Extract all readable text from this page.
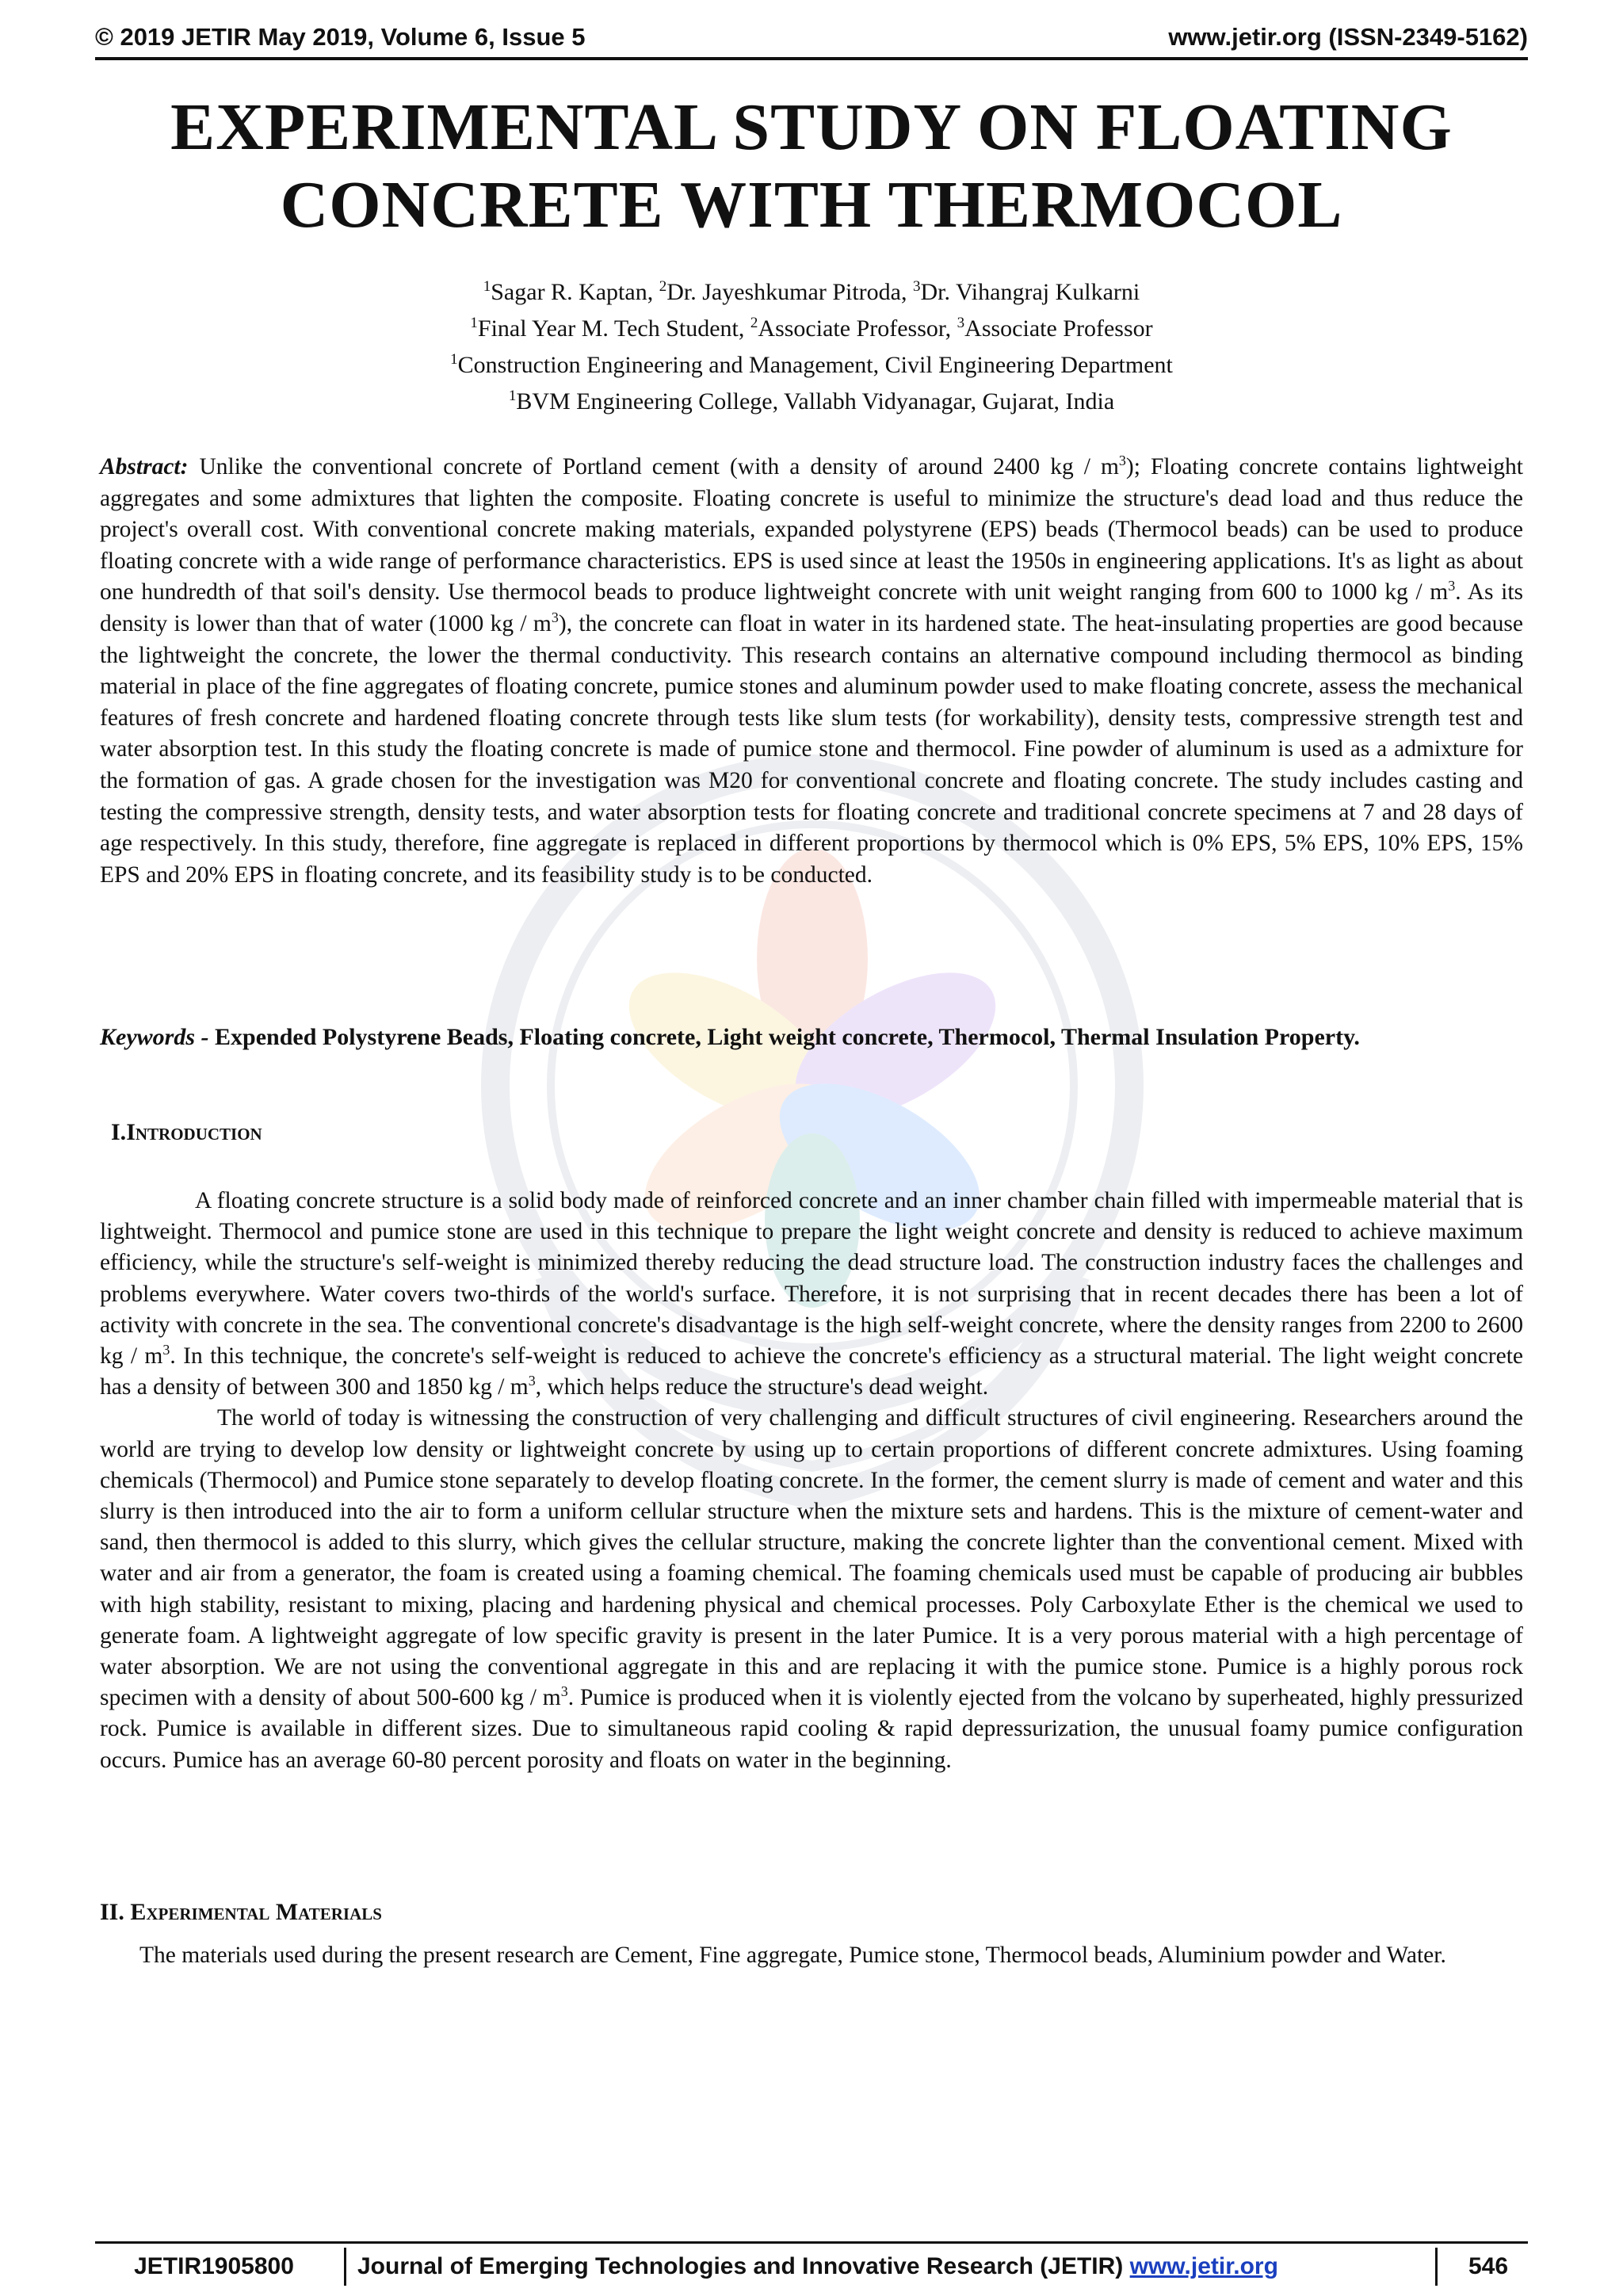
© 2019 JETIR May 2019, Volume 6, Issue 5	www.jetir.org (ISSN-2349-5162)
EXPERIMENTAL STUDY ON FLOATING
CONCRETE WITH THERMOCOL
$^1$Sagar R. Kaptan, $^2$Dr. Jayeshkumar Pitroda, $^3$Dr. Vihangraj Kulkarni
$^1$Final Year M. Tech Student, $^2$Associate Professor, $^3$Associate Professor
$^1$Construction Engineering and Management, Civil Engineering Department
$^1$BVM Engineering College, Vallabh Vidyanagar, Gujarat, India

Abstract: Unlike the conventional concrete of Portland cement (with a density of around 2400 kg / $m^3$); Floating concrete contains lightweight aggregates and some admixtures that lighten the composite. Floating concrete is useful to minimize the structure's dead load and thus reduce the project's overall cost. With conventional concrete making materials, expanded polystyrene (EPS) beads (Thermocol beads) can be used to produce floating concrete with a wide range of performance characteristics. EPS is used since at least the 1950s in engineering applications. It's as light as about one hundredth of that soil's density. Use thermocol beads to produce lightweight concrete with unit weight ranging from 600 to 1000 kg / $m^3$. As its density is lower than that of water (1000 kg / $m^3$), the concrete can float in water in its hardened state. The heat-insulating properties are good because the lightweight the concrete, the lower the thermal conductivity. This research contains an alternative compound including thermocol as binding material in place of the fine aggregates of floating concrete, pumice stones and aluminum powder used to make floating concrete, assess the mechanical features of fresh concrete and hardened floating concrete through tests like slum tests (for workability), density tests, compressive strength test and water absorption test. In this study the floating concrete is made of pumice stone and thermocol. Fine powder of aluminum is used as a admixture for the formation of gas. A grade chosen for the investigation was M20 for conventional concrete and floating concrete. The study includes casting and testing the compressive strength, density tests, and water absorption tests for floating concrete and traditional concrete specimens at 7 and 28 days of age respectively. In this study, therefore, fine aggregate is replaced in different proportions by thermocol which is 0% EPS, 5% EPS, 10% EPS, 15% EPS and 20% EPS in floating concrete, and its feasibility study is to be conducted.

Keywords - Expended Polystyrene Beads, Floating concrete, Light weight concrete, Thermocol, Thermal Insulation Property.

I.Introduction

A floating concrete structure is a solid body made of reinforced concrete and an inner chamber chain filled with impermeable material that is lightweight. Thermocol and pumice stone are used in this technique to prepare the light weight concrete and density is reduced to achieve maximum efficiency, while the structure's self-weight is minimized thereby reducing the dead structure load. The construction industry faces the challenges and problems everywhere. Water covers two-thirds of the world's surface. Therefore, it is not surprising that in recent decades there has been a lot of activity with concrete in the sea. The conventional concrete's disadvantage is the high self-weight concrete, where the density ranges from 2200 to 2600 kg / $m^3$. In this technique, the concrete's self-weight is reduced to achieve the concrete's efficiency as a structural material. The light weight concrete has a density of between 300 and 1850 kg / $m^3$, which helps reduce the structure's dead weight.

The world of today is witnessing the construction of very challenging and difficult structures of civil engineering. Researchers around the world are trying to develop low density or lightweight concrete by using up to certain proportions of different concrete admixtures. Using foaming chemicals (Thermocol) and Pumice stone separately to develop floating concrete. In the former, the cement slurry is made of cement and water and this slurry is then introduced into the air to form a uniform cellular structure when the mixture sets and hardens. This is the mixture of cement-water and sand, then thermocol is added to this slurry, which gives the cellular structure, making the concrete lighter than the conventional cement. Mixed with water and air from a generator, the foam is created using a foaming chemical. The foaming chemicals used must be capable of producing air bubbles with high stability, resistant to mixing, placing and hardening physical and chemical processes. Poly Carboxylate Ether is the chemical we used to generate foam. A lightweight aggregate of low specific gravity is present in the later Pumice. It is a very porous material with a high percentage of water absorption. We are not using the conventional aggregate in this and are replacing it with the pumice stone. Pumice is a highly porous rock specimen with a density of about 500-600 kg / $m^3$. Pumice is produced when it is violently ejected from the volcano by superheated, highly pressurized rock. Pumice is available in different sizes. Due to simultaneous rapid cooling & rapid depressurization, the unusual foamy pumice configuration occurs. Pumice has an average 60-80 percent porosity and floats on water in the beginning.

II. Experimental Materials

The materials used during the present research are Cement, Fine aggregate, Pumice stone, Thermocol beads, Aluminium powder and Water.

JETIR1905800	Journal of Emerging Technologies and Innovative Research (JETIR) www.jetir.org	546
